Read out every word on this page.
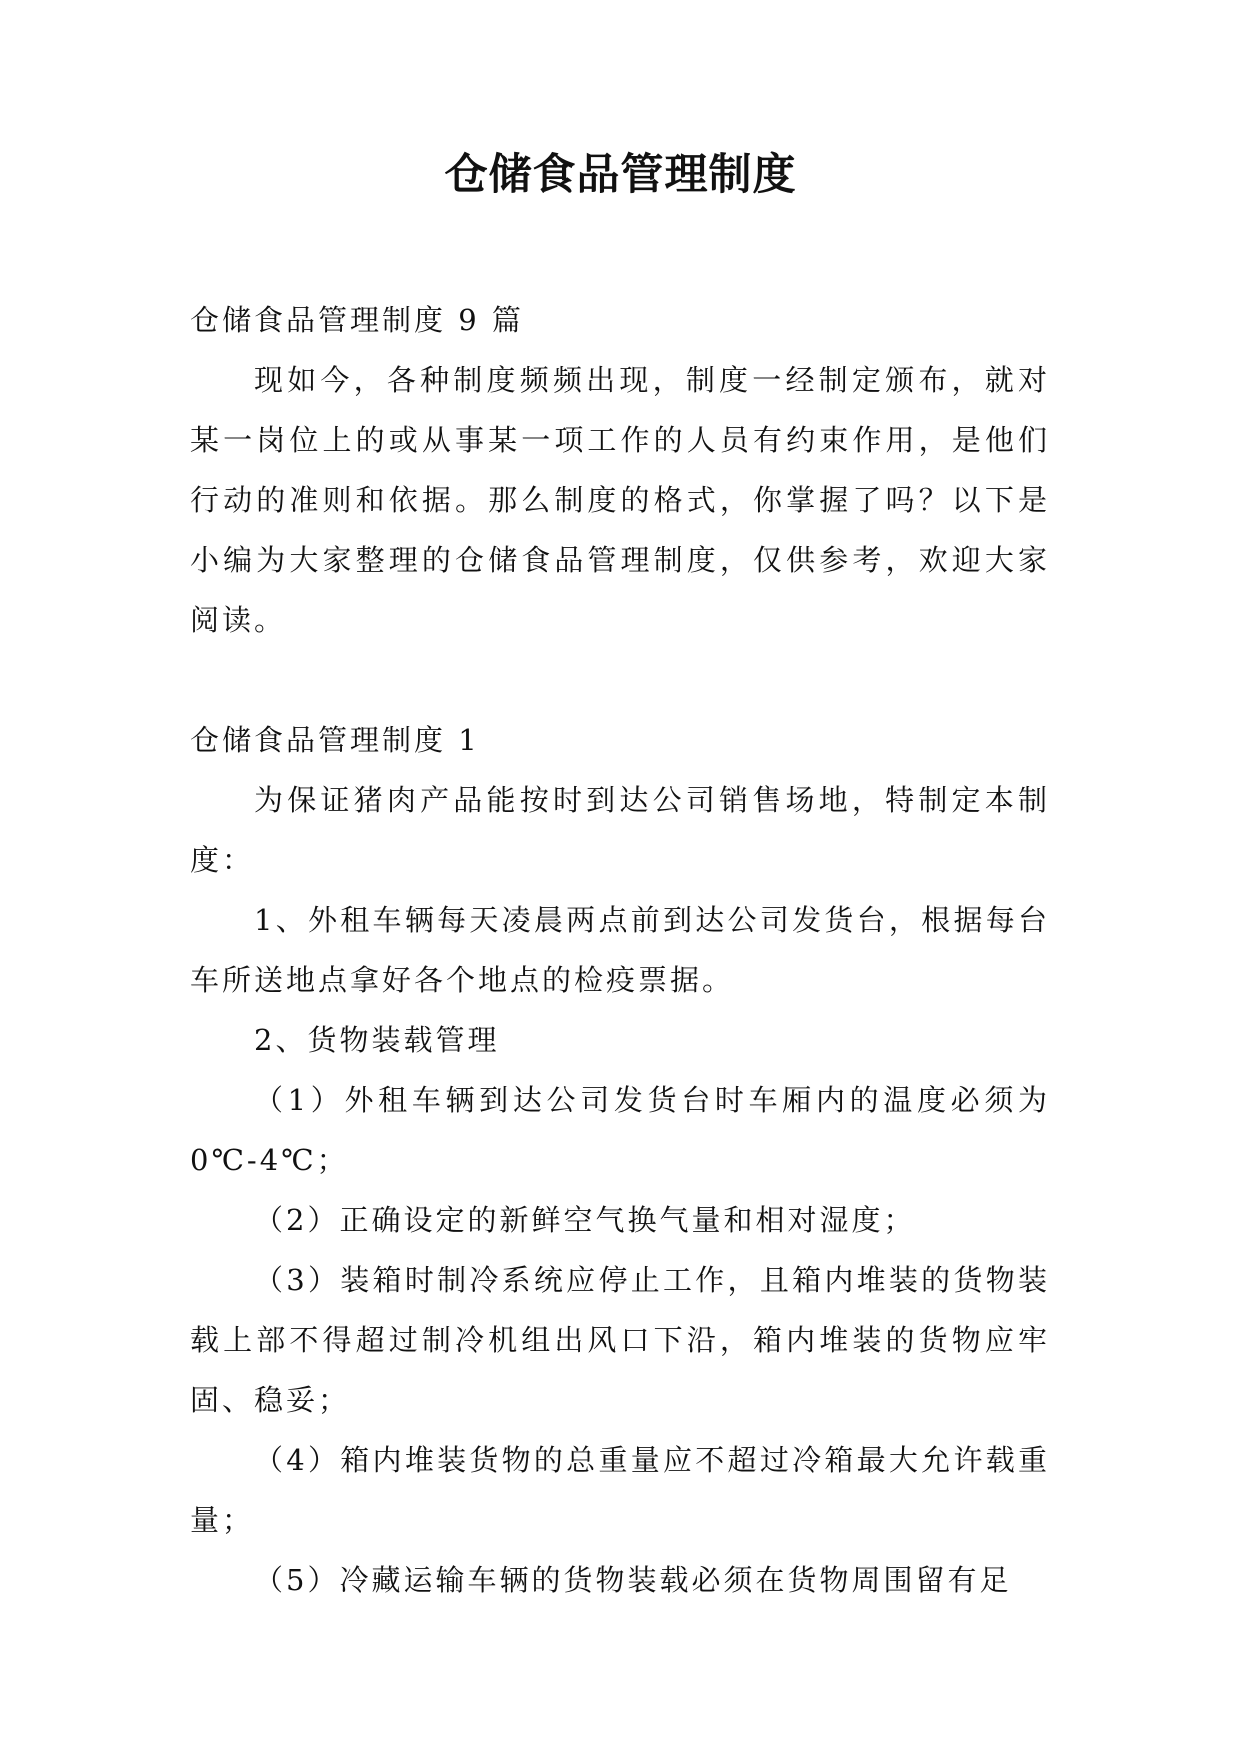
仓储食品管理制度

仓储食品管理制度 9 篇

现如今，各种制度频频出现，制度一经制定颁布，就对某一岗位上的或从事某一项工作的人员有约束作用，是他们行动的准则和依据。那么制度的格式，你掌握了吗？以下是小编为大家整理的仓储食品管理制度，仅供参考，欢迎大家阅读。

仓储食品管理制度 1

为保证猪肉产品能按时到达公司销售场地，特制定本制度：

1、外租车辆每天凌晨两点前到达公司发货台，根据每台车所送地点拿好各个地点的检疫票据。

2、货物装载管理

（1）外租车辆到达公司发货台时车厢内的温度必须为0℃-4℃；

（2）正确设定的新鲜空气换气量和相对湿度；

（3）装箱时制冷系统应停止工作，且箱内堆装的货物装载上部不得超过制冷机组出风口下沿，箱内堆装的货物应牢固、稳妥；

（4）箱内堆装货物的总重量应不超过冷箱最大允许载重量；

（5）冷藏运输车辆的货物装载必须在货物周围留有足
